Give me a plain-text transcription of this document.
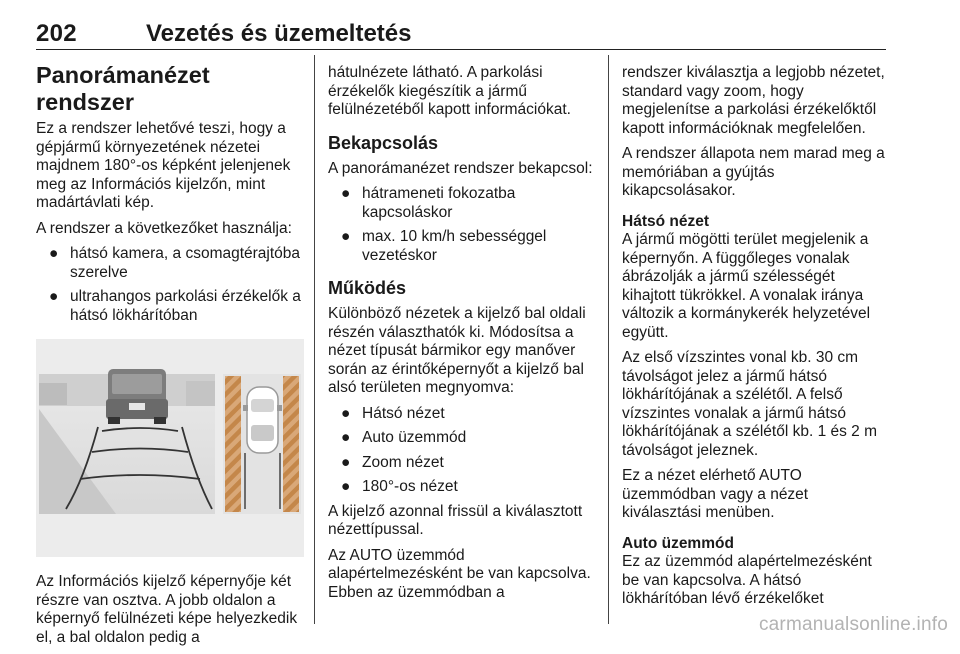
202	Vezetés és üzemeltetés
Panorámanézet rendszer

Ez a rendszer lehetővé teszi, hogy a gépjármű környezetének nézetei majdnem 180°-os képként jelenjenek meg az Információs kijelzőn, mint madártávlati kép.

A rendszer a következőket használja:

● hátsó kamera, a csomagtérajtóba szerelve
● ultrahangos parkolási érzékelők a hátsó lökhárítóban

Az Információs kijelző képernyője két részre van osztva. A jobb oldalon a képernyő felülnézeti képe helyezkedik el, a bal oldalon pedig a

hátulnézete látható. A parkolási érzékelők kiegészítik a jármű felülnézetéből kapott információkat.

Bekapcsolás

A panorámanézet rendszer bekapcsol:

● hátrameneti fokozatba kapcsoláskor
● max. 10 km/h sebességgel vezetéskor
Működés

Különböző nézetek a kijelző bal oldali részén választhatók ki. Módosítsa a nézet típusát bármikor egy manőver során az érintőképernyőt a kijelző bal alsó területen megnyomva:

● Hátsó nézet
● Auto üzemmód
● Zoom nézet
● 180°-os nézet

A kijelző azonnal frissül a kiválasztott nézettípussal.

Az AUTO üzemmód alapértelmezésként be van kapcsolva. Ebben az üzemmódban a

rendszer kiválasztja a legjobb nézetet, standard vagy zoom, hogy megjelenítse a parkolási érzékelőktől kapott információknak megfelelően.

A rendszer állapota nem marad meg a memóriában a gyújtás kikapcsolásakor.

Hátsó nézet

A jármű mögötti terület megjelenik a képernyőn. A függőleges vonalak ábrázolják a jármű szélességét kihajtott tükrökkel. A vonalak iránya változik a kormánykerék helyzetével együtt.

Az első vízszintes vonal kb. 30 cm távolságot jelez a jármű hátsó lökhárítójának a szélétől. A felső vízszintes vonalak a jármű hátsó lökhárítójának a szélétől kb. 1 és 2 m távolságot jeleznek.

Ez a nézet elérhető AUTO üzemmódban vagy a nézet kiválasztási menüben.

Auto üzemmód

Ez az üzemmód alapértelmezésként be van kapcsolva. A hátsó lökhárítóban lévő érzékelőket

carmanualsonline.info
